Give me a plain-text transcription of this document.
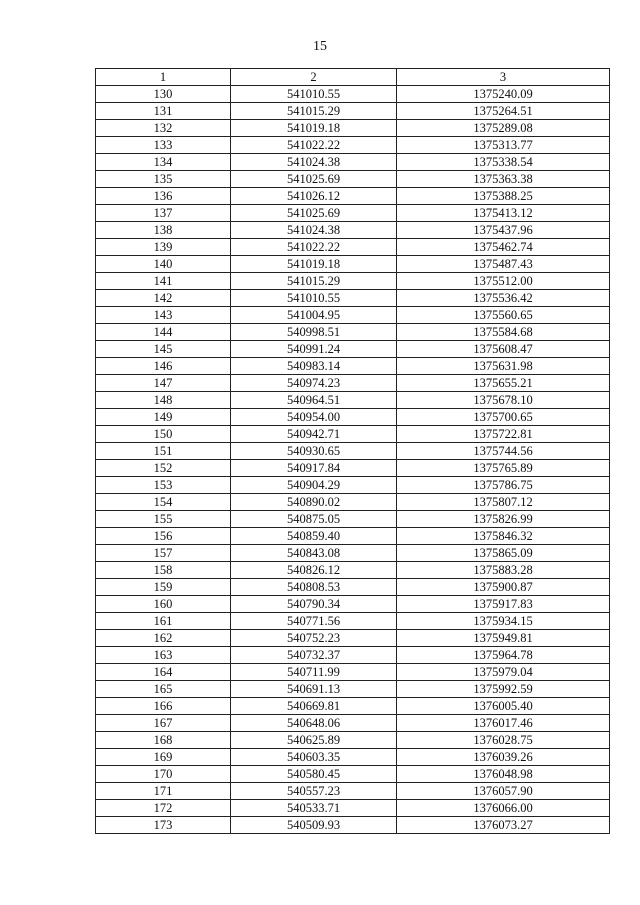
15
1	2	3
130	541010.55	1375240.09
131	541015.29	1375264.51
132	541019.18	1375289.08
133	541022.22	1375313.77
134	541024.38	1375338.54
135	541025.69	1375363.38
136	541026.12	1375388.25
137	541025.69	1375413.12
138	541024.38	1375437.96
139	541022.22	1375462.74
140	541019.18	1375487.43
141	541015.29	1375512.00
142	541010.55	1375536.42
143	541004.95	1375560.65
144	540998.51	1375584.68
145	540991.24	1375608.47
146	540983.14	1375631.98
147	540974.23	1375655.21
148	540964.51	1375678.10
149	540954.00	1375700.65
150	540942.71	1375722.81
151	540930.65	1375744.56
152	540917.84	1375765.89
153	540904.29	1375786.75
154	540890.02	1375807.12
155	540875.05	1375826.99
156	540859.40	1375846.32
157	540843.08	1375865.09
158	540826.12	1375883.28
159	540808.53	1375900.87
160	540790.34	1375917.83
161	540771.56	1375934.15
162	540752.23	1375949.81
163	540732.37	1375964.78
164	540711.99	1375979.04
165	540691.13	1375992.59
166	540669.81	1376005.40
167	540648.06	1376017.46
168	540625.89	1376028.75
169	540603.35	1376039.26
170	540580.45	1376048.98
171	540557.23	1376057.90
172	540533.71	1376066.00
173	540509.93	1376073.27
